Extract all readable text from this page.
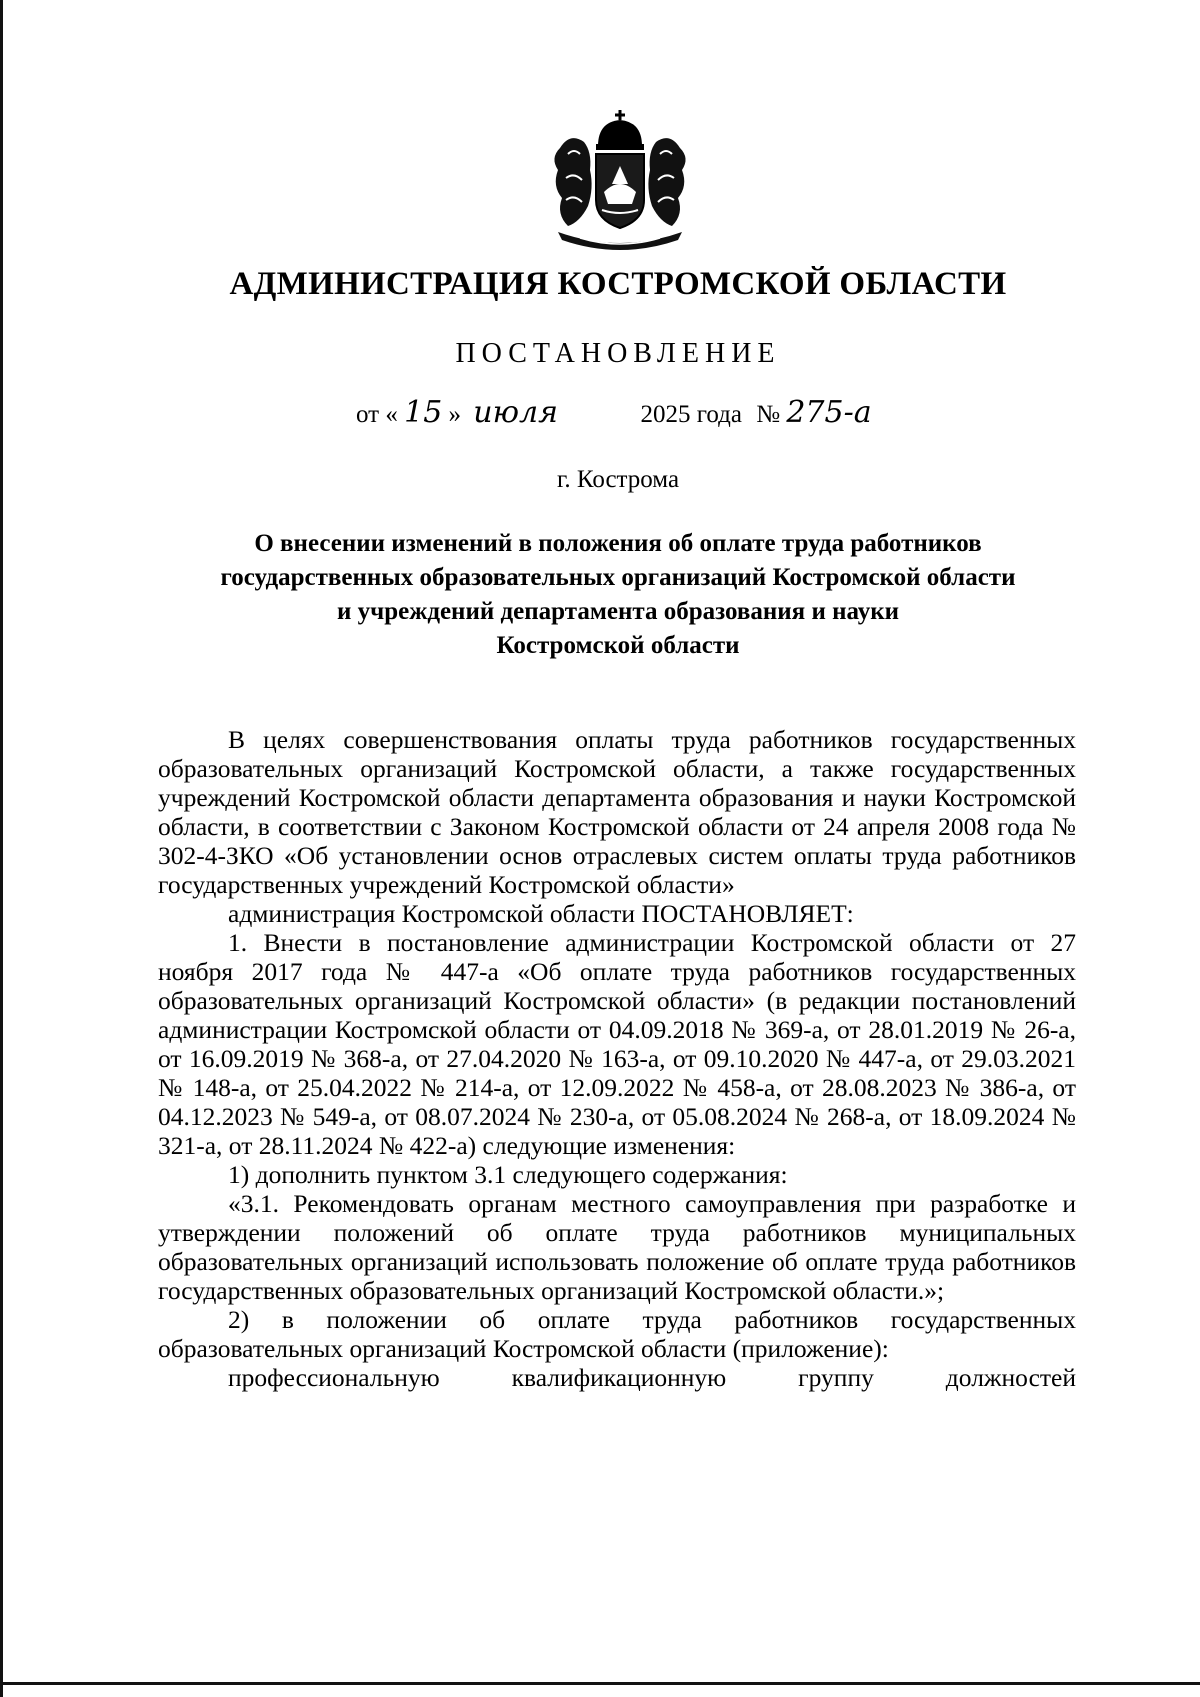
АДМИНИСТРАЦИЯ КОСТРОМСКОЙ ОБЛАСТИ
ПОСТАНОВЛЕНИЕ
от « 15 » июля	2025 года № 275-а
г. Кострома
О внесении изменений в положения об оплате труда работников
государственных образовательных организаций Костромской области
и учреждений департамента образования и науки
Костромской области

В целях совершенствования оплаты труда работников государственных образовательных организаций Костромской области, а также государственных учреждений Костромской области департамента образования и науки Костромской области, в соответствии с Законом Костромской области от 24 апреля 2008 года № 302-4-ЗКО «Об установлении основ отраслевых систем оплаты труда работников государственных учреждений Костромской области»

администрация Костромской области ПОСТАНОВЛЯЕТ:

1. Внести в постановление администрации Костромской области от 27 ноября 2017 года № 447-а «Об оплате труда работников государственных образовательных организаций Костромской области» (в редакции постановлений администрации Костромской области от 04.09.2018 № 369-а, от 28.01.2019 № 26-а, от 16.09.2019 № 368-а, от 27.04.2020 № 163-а, от 09.10.2020 № 447-а, от 29.03.2021 № 148-а, от 25.04.2022 № 214-а, от 12.09.2022 № 458-а, от 28.08.2023 № 386-а, от 04.12.2023 № 549-а, от 08.07.2024 № 230-а, от 05.08.2024 № 268-а, от 18.09.2024 № 321-а, от 28.11.2024 № 422-а) следующие изменения:

1) дополнить пунктом 3.1 следующего содержания:

«3.1. Рекомендовать органам местного самоуправления при разработке и утверждении положений об оплате труда работников муниципальных образовательных организаций использовать положение об оплате труда работников государственных образовательных организаций Костромской области.»;

2) в положении об оплате труда работников государственных образовательных организаций Костромской области (приложение):

профессиональную квалификационную группу должностей
